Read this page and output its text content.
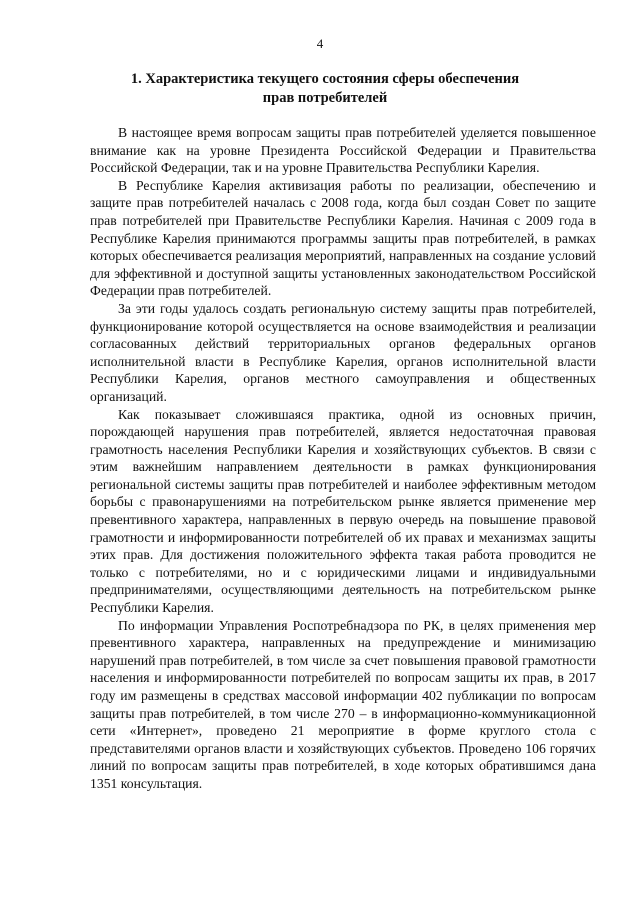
4
1. Характеристика текущего состояния сферы обеспечения
прав потребителей

В настоящее время вопросам защиты прав потребителей уделяется повышенное внимание как на уровне Президента Российской Федерации и Правительства Российской Федерации, так и на уровне Правительства Республики Карелия.

В Республике Карелия активизация работы по реализации, обеспечению и защите прав потребителей началась с 2008 года, когда был создан Совет по защите прав потребителей при Правительстве Республики Карелия. Начиная с 2009 года в Республике Карелия принимаются программы защиты прав потребителей, в рамках которых обеспечивается реализация мероприятий, направленных на создание условий для эффективной и доступной защиты установленных законодательством Российской Федерации прав потребителей.

За эти годы удалось создать региональную систему защиты прав потребителей, функционирование которой осуществляется на основе взаимодействия и реализации согласованных действий территориальных органов федеральных органов исполнительной власти в Республике Карелия, органов исполнительной власти Республики Карелия, органов местного самоуправления и общественных организаций.

Как показывает сложившаяся практика, одной из основных причин, порождающей нарушения прав потребителей, является недостаточная правовая грамотность населения Республики Карелия и хозяйствующих субъектов. В связи с этим важнейшим направлением деятельности в рамках функционирования региональной системы защиты прав потребителей и наиболее эффективным методом борьбы с правонарушениями на потребительском рынке является применение мер превентивного характера, направленных в первую очередь на повышение правовой грамотности и информированности потребителей об их правах и механизмах защиты этих прав. Для достижения положительного эффекта такая работа проводится не только с потребителями, но и с юридическими лицами и индивидуальными предпринимателями, осуществляющими деятельность на потребительском рынке Республики Карелия.

По информации Управления Роспотребнадзора по РК, в целях применения мер превентивного характера, направленных на предупреждение и минимизацию нарушений прав потребителей, в том числе за счет повышения правовой грамотности населения и информированности потребителей по вопросам защиты их прав, в 2017 году им размещены в средствах массовой информации 402 публикации по вопросам защиты прав потребителей, в том числе 270 – в информационно-коммуникационной сети «Интернет», проведено 21 мероприятие в форме круглого стола с представителями органов власти и хозяйствующих субъектов. Проведено 106 горячих линий по вопросам защиты прав потребителей, в ходе которых обратившимся дана 1351 консультация.
